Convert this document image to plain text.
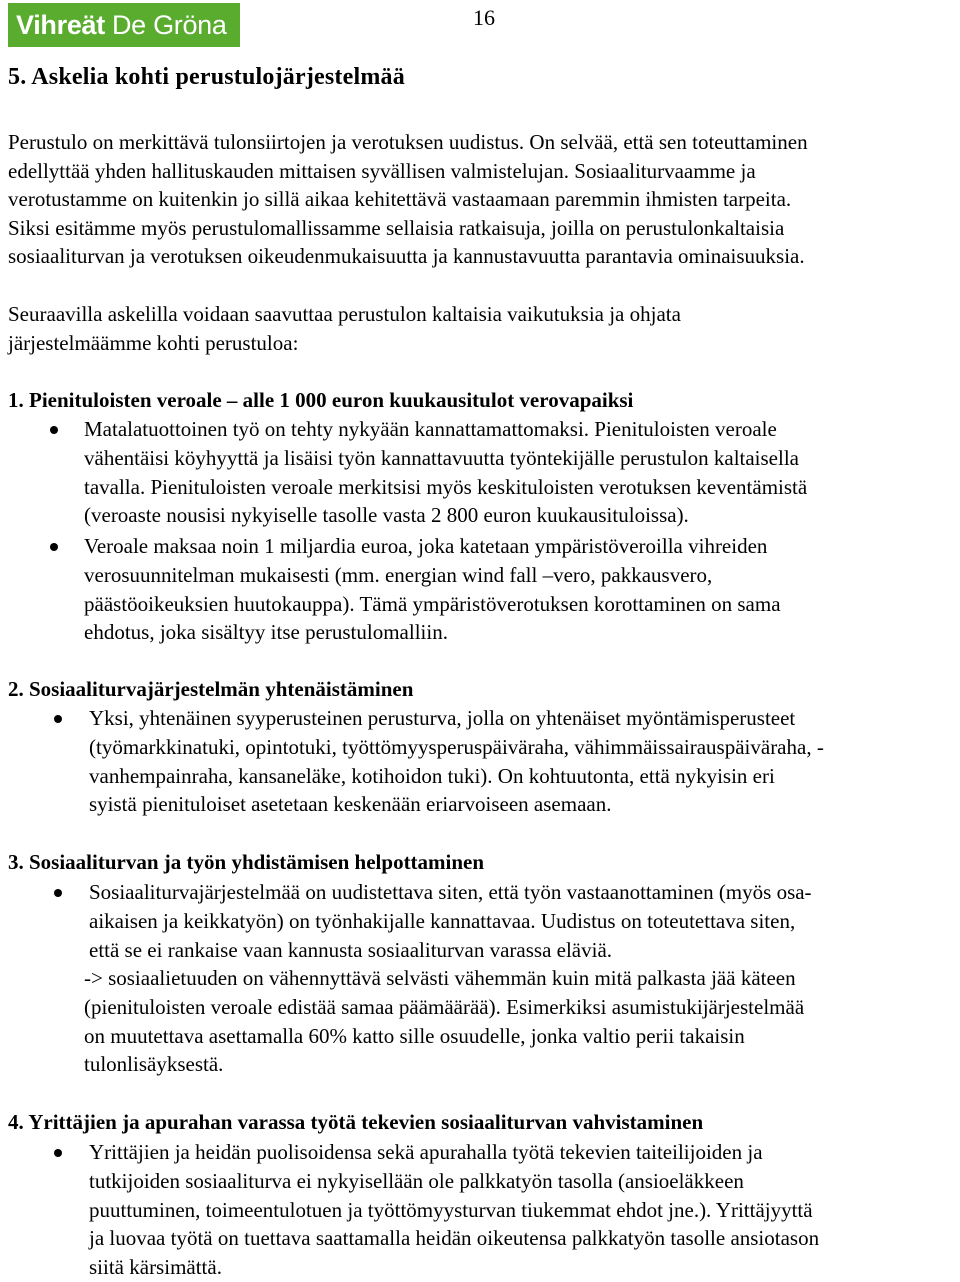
Vihreät De Gröna	16
5. Askelia kohti perustulojärjestelmää
Perustulo on merkittävä tulonsiirtojen ja verotuksen uudistus. On selvää, että sen toteuttaminen
edellyttää yhden hallituskauden mittaisen syvällisen valmistelujan. Sosiaaliturvaamme ja
verotustamme on kuitenkin jo sillä aikaa kehitettävä vastaamaan paremmin ihmisten tarpeita.
Siksi esitämme myös perustulomallissamme sellaisia ratkaisuja, joilla on perustulonkaltaisia
sosiaaliturvan ja verotuksen oikeudenmukaisuutta ja kannustavuutta parantavia ominaisuuksia.
Seuraavilla askelilla voidaan saavuttaa perustulon kaltaisia vaikutuksia ja ohjata
järjestelmäämme kohti perustuloa:
1. Pienituloisten veroale – alle 1 000 euron kuukausitulot verovapaiksi
Matalatuottoinen työ on tehty nykyään kannattamattomaksi. Pienituloisten veroale
vähentäisi köyhyyttä ja lisäisi työn kannattavuutta työntekijälle perustulon kaltaisella
tavalla. Pienituloisten veroale merkitsisi myös keskituloisten verotuksen keventämistä
(veroaste nousisi nykyiselle tasolle vasta 2 800 euron kuukausituloissa).
Veroale maksaa noin 1 miljardia euroa, joka katetaan ympäristöveroilla vihreiden
verosuunnitelman mukaisesti (mm. energian wind fall –vero, pakkausvero,
päästöoikeuksien huutokauppa). Tämä ympäristöverotuksen korottaminen on sama
ehdotus, joka sisältyy itse perustulomalliin.
2. Sosiaaliturvajärjestelmän yhtenäistäminen
Yksi, yhtenäinen syyperusteinen perusturva, jolla on yhtenäiset myöntämisperusteet
(työmarkkinatuki, opintotuki, työttömyysperuspäiväraha, vähimmäissairauspäiväraha, -
vanhempainraha, kansaneläke, kotihoidon tuki). On kohtuutonta, että nykyisin eri
syistä pienituloiset asetetaan keskenään eriarvoiseen asemaan.
3. Sosiaaliturvan ja työn yhdistämisen helpottaminen
Sosiaaliturvajärjestelmää on uudistettava siten, että työn vastaanottaminen (myös osa-
aikaisen ja keikkatyön) on työnhakijalle kannattavaa. Uudistus on toteutettava siten,
että se ei rankaise vaan kannusta sosiaaliturvan varassa eläviä.
-> sosiaalietuuden on vähennyttävä selvästi vähemmän kuin mitä palkasta jää käteen
(pienituloisten veroale edistää samaa päämäärää). Esimerkiksi asumistukijärjestelmää
on muutettava asettamalla 60% katto sille osuudelle, jonka valtio perii takaisin
tulonlisäyksestä.
4. Yrittäjien ja apurahan varassa työtä tekevien sosiaaliturvan vahvistaminen
Yrittäjien ja heidän puolisoidensa sekä apurahalla työtä tekevien taiteilijoiden ja
tutkijoiden sosiaaliturva ei nykyisellään ole palkkatyön tasolla (ansioeläkkeen
puuttuminen, toimeentulotuen ja työttömyysturvan tiukemmat ehdot jne.). Yrittäjyyttä
ja luovaa työtä on tuettava saattamalla heidän oikeutensa palkkatyön tasolle ansiotason
siitä kärsimättä.
